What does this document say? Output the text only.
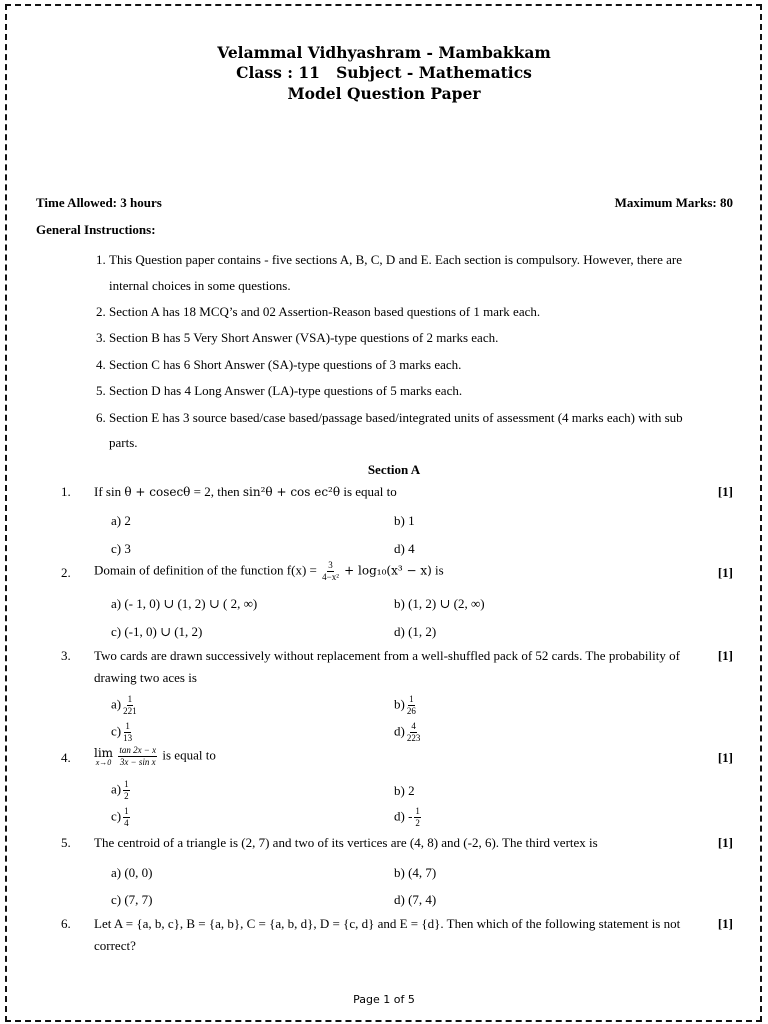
Velammal Vidhyashram - Mambakkam
Class : 11   Subject - Mathematics
Model Question Paper
Time Allowed: 3 hours	Maximum Marks: 80
General Instructions:
1. This Question paper contains - five sections A, B, C, D and E. Each section is compulsory. However, there are
internal choices in some questions.
2. Section A has 18 MCQ’s and 02 Assertion-Reason based questions of 1 mark each.
3. Section B has 5 Very Short Answer (VSA)-type questions of 2 marks each.
4. Section C has 6 Short Answer (SA)-type questions of 3 marks each.
5. Section D has 4 Long Answer (LA)-type questions of 5 marks each.
6. Section E has 3 source based/case based/passage based/integrated units of assessment (4 marks each) with sub
parts.
Section A
1. If sin θ + cosecθ = 2, then sin²θ + cos ec²θ is equal to	[1]
a) 2	b) 1
c) 3	d) 4
2. Domain of definition of the function $f(x) = \frac{3}{\text{4−x²}} + \log_{10}(x^3 - x)$ is	[1]
a) (- 1, 0) ∪ (1, 2) ∪ ( 2, ∞)	b) (1, 2) ∪ (2, ∞)
c) (-1, 0) ∪ (1, 2)	d) (1, 2)
3. Two cards are drawn successively without replacement from a well-shuffled pack of 52 cards. The probability of
drawing two aces is
[1]
$a) \frac{1}{221}$	$b) \frac{1}{26}$
$c) \frac{1}{13}$	$d) \frac{4}{223}$
4. lim
x→0
$\frac{\tan 2x - x}{\text{3x − sin x}}$ is equal to	[1]
$a) \frac{1}{2}$	b) 2
$c) \frac{1}{4}$	$d) - \frac{1}{2}$
5. The centroid of a triangle is (2, 7) and two of its vertices are (4, 8) and (-2, 6). The third vertex is	[1]
a) (0, 0)	b) (4, 7)
c) (7, 7)	d) (7, 4)
6. Let A = {a, b, c}, B = {a, b}, C = {a, b, d}, D = {c, d} and E = {d}. Then which of the following statement is not
correct?
[1]
Page 1 of 5
